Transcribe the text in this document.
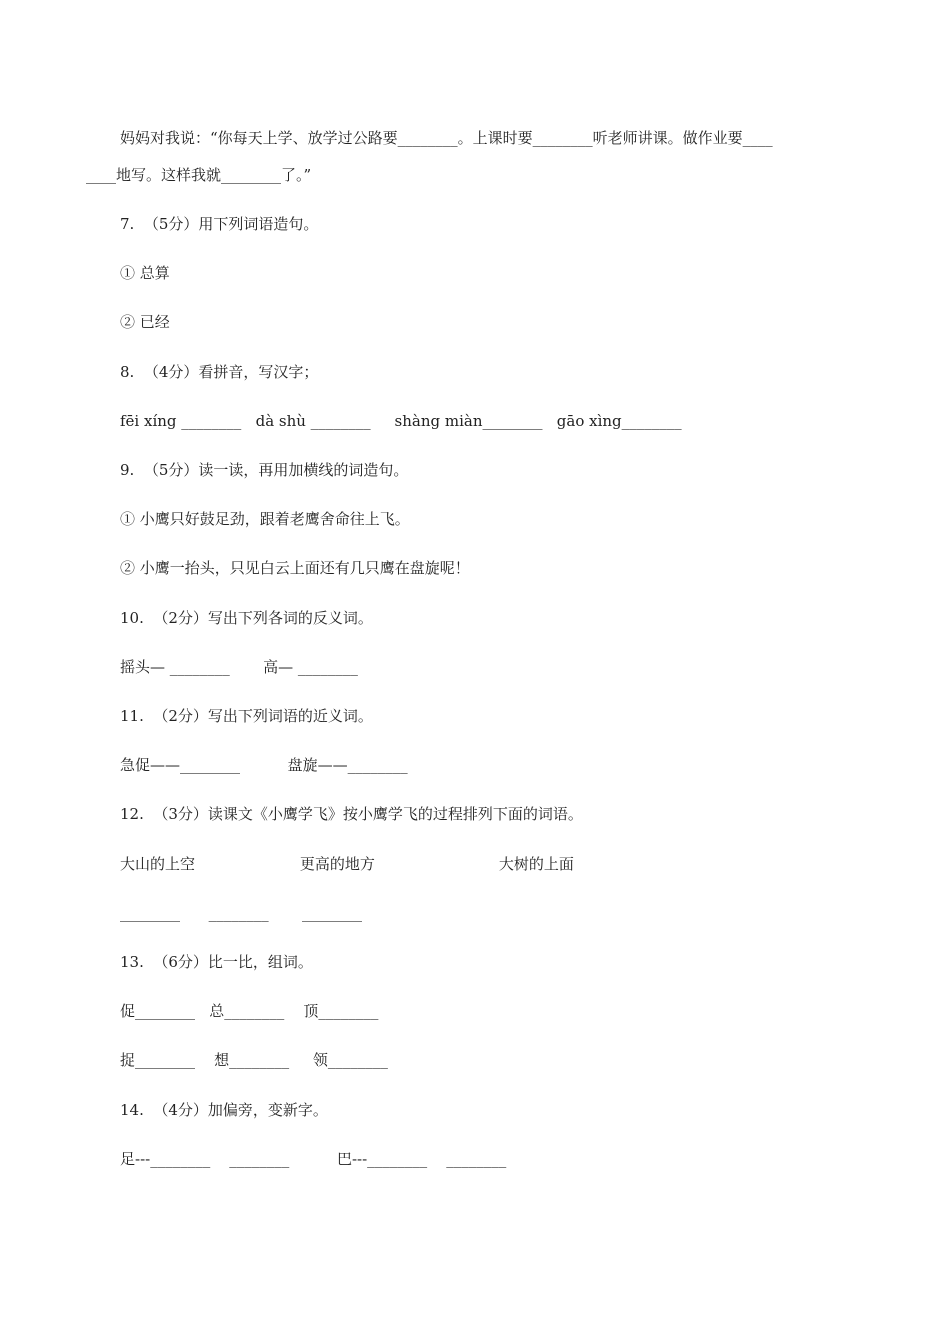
妈妈对我说：“你每天上学、放学过公路要________。上课时要________听老师讲课。做作业要____
____地写。这样我就________了。”
7.  （5分）用下列词语造句。
① 总算
② 已经
8.  （4分）看拼音，写汉字；
fēi xíng ________   dà shù ________     shàng miàn________   gāo xìng________
9.  （5分）读一读，再用加横线的词造句。
① 小鹰只好鼓足劲，跟着老鹰舍命往上飞。
② 小鹰一抬头，只见白云上面还有几只鹰在盘旋呢！
10.  （2分）写出下列各词的反义词。
摇头— ________       高— ________
11.  （2分）写出下列词语的近义词。
急促——________          盘旋——________
12.  （3分）读课文《小鹰学飞》按小鹰学飞的过程排列下面的词语。
大山的上空                      更高的地方                          大树的上面
________      ________       ________
13.  （6分）比一比，组词。
促________   总________    顶________
捉________    想________     领________
14.  （4分）加偏旁，变新字。
足---________    ________          巴---________    ________
